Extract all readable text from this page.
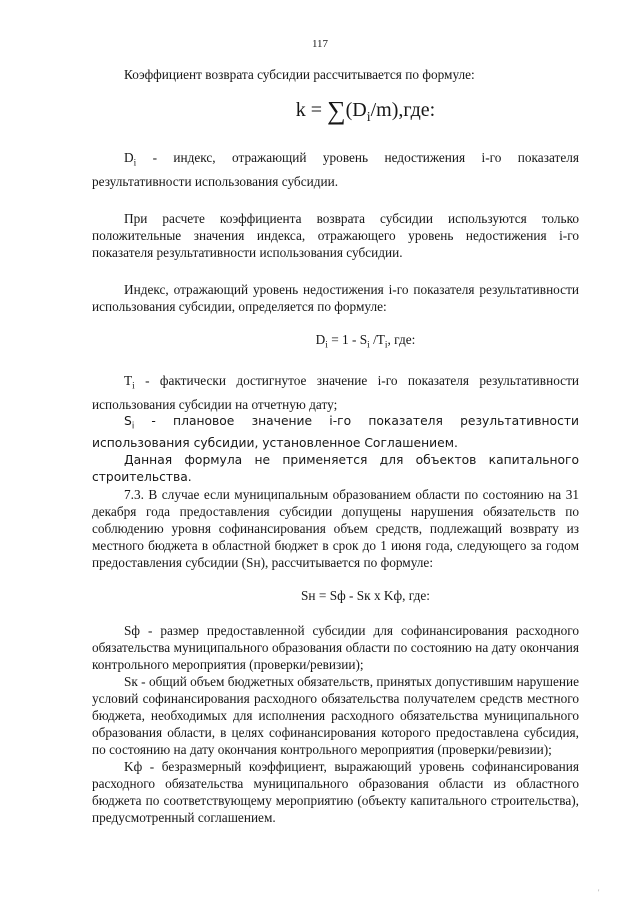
117

Коэффициент возврата субсидии рассчитывается по формуле:

$k = \sum(D_i/m),где$:

$D_i$ - индекс, отражающий уровень недостижения i-го показателя результативности использования субсидии.

При расчете коэффициента возврата субсидии используются только положительные значения индекса, отражающего уровень недостижения i-го показателя результативности использования субсидии.

Индекс, отражающий уровень недостижения i-го показателя результативности использования субсидии, определяется по формуле:

$D_i = 1 - S_i$ $/T_i$, где:

$T_i$ - фактически достигнутое значение i-го показателя результативности использования субсидии на отчетную дату;

$S_i$ - плановое значение i-го показателя результативности использования субсидии, установленное Соглашением.

Данная формула не применяется для объектов капитального строительства.

7.3. В случае если муниципальным образованием области по состоянию на 31 декабря года предоставления субсидии допущены нарушения обязательств по соблюдению уровня софинансирования объем средств, подлежащий возврату из местного бюджета в областной бюджет в срок до 1 июня года, следующего за годом предоставления субсидии (Sн), рассчитывается по формуле:

Sн = Sф - Sк х Kф, где:

Sф - размер предоставленной субсидии для софинансирования расходного обязательства муниципального образования области по состоянию на дату окончания контрольного мероприятия (проверки/ревизии);

Sк - общий объем бюджетных обязательств, принятых допустившим нарушение условий софинансирования расходного обязательства получателем средств местного бюджета, необходимых для исполнения расходного обязательства муниципального образования области, в целях софинансирования которого предоставлена субсидия, по состоянию на дату окончания контрольного мероприятия (проверки/ревизии);

Kф - безразмерный коэффициент, выражающий уровень софинансирования расходного обязательства муниципального образования области из областного бюджета по соответствующему мероприятию (объекту капитального строительства), предусмотренный соглашением.

'
